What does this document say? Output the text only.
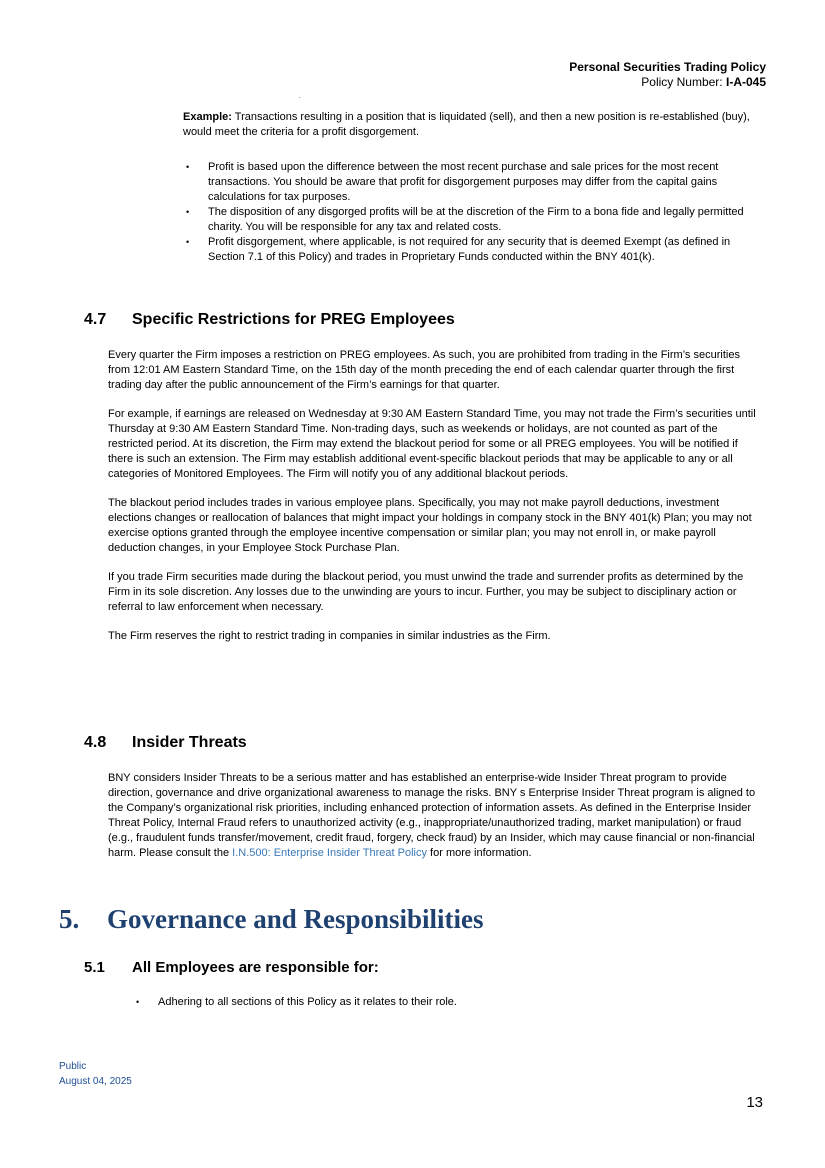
Personal Securities Trading Policy
Policy Number: I-A-045
.

Example: Transactions resulting in a position that is liquidated (sell), and then a new position is re-established (buy), would meet the criteria for a profit disgorgement.

• Profit is based upon the difference between the most recent purchase and sale prices for the most recent transactions. You should be aware that profit for disgorgement purposes may differ from the capital gains calculations for tax purposes.
• The disposition of any disgorged profits will be at the discretion of the Firm to a bona fide and legally permitted charity. You will be responsible for any tax and related costs.
• Profit disgorgement, where applicable, is not required for any security that is deemed Exempt (as defined in Section 7.1 of this Policy) and trades in Proprietary Funds conducted within the BNY 401(k).
4.7 Specific Restrictions for PREG Employees

Every quarter the Firm imposes a restriction on PREG employees. As such, you are prohibited from trading in the Firm’s securities from 12:01 AM Eastern Standard Time, on the 15th day of the month preceding the end of each calendar quarter through the first trading day after the public announcement of the Firm’s earnings for that quarter.

For example, if earnings are released on Wednesday at 9:30 AM Eastern Standard Time, you may not trade the Firm’s securities until Thursday at 9:30 AM Eastern Standard Time. Non-trading days, such as weekends or holidays, are not counted as part of the restricted period. At its discretion, the Firm may extend the blackout period for some or all PREG employees. You will be notified if there is such an extension. The Firm may establish additional event-specific blackout periods that may be applicable to any or all categories of Monitored Employees. The Firm will notify you of any additional blackout periods.

The blackout period includes trades in various employee plans. Specifically, you may not make payroll deductions, investment elections changes or reallocation of balances that might impact your holdings in company stock in the BNY 401(k) Plan; you may not exercise options granted through the employee incentive compensation or similar plan; you may not enroll in, or make payroll deduction changes, in your Employee Stock Purchase Plan.

If you trade Firm securities made during the blackout period, you must unwind the trade and surrender profits as determined by the Firm in its sole discretion. Any losses due to the unwinding are yours to incur. Further, you may be subject to disciplinary action or referral to law enforcement when necessary.

The Firm reserves the right to restrict trading in companies in similar industries as the Firm.

4.8 Insider Threats

BNY considers Insider Threats to be a serious matter and has established an enterprise-wide Insider Threat program to provide direction, governance and drive organizational awareness to manage the risks. BNY s Enterprise Insider Threat program is aligned to the Company’s organizational risk priorities, including enhanced protection of information assets. As defined in the Enterprise Insider Threat Policy, Internal Fraud refers to unauthorized activity (e.g., inappropriate/unauthorized trading, market manipulation) or fraud (e.g., fraudulent funds transfer/movement, credit fraud, forgery, check fraud) by an Insider, which may cause financial or non-financial harm. Please consult the I.N.500: Enterprise Insider Threat Policy for more information.

5. Governance and Responsibilities
5.1 All Employees are responsible for:
• Adhering to all sections of this Policy as it relates to their role.
Public
August 04, 2025
13
